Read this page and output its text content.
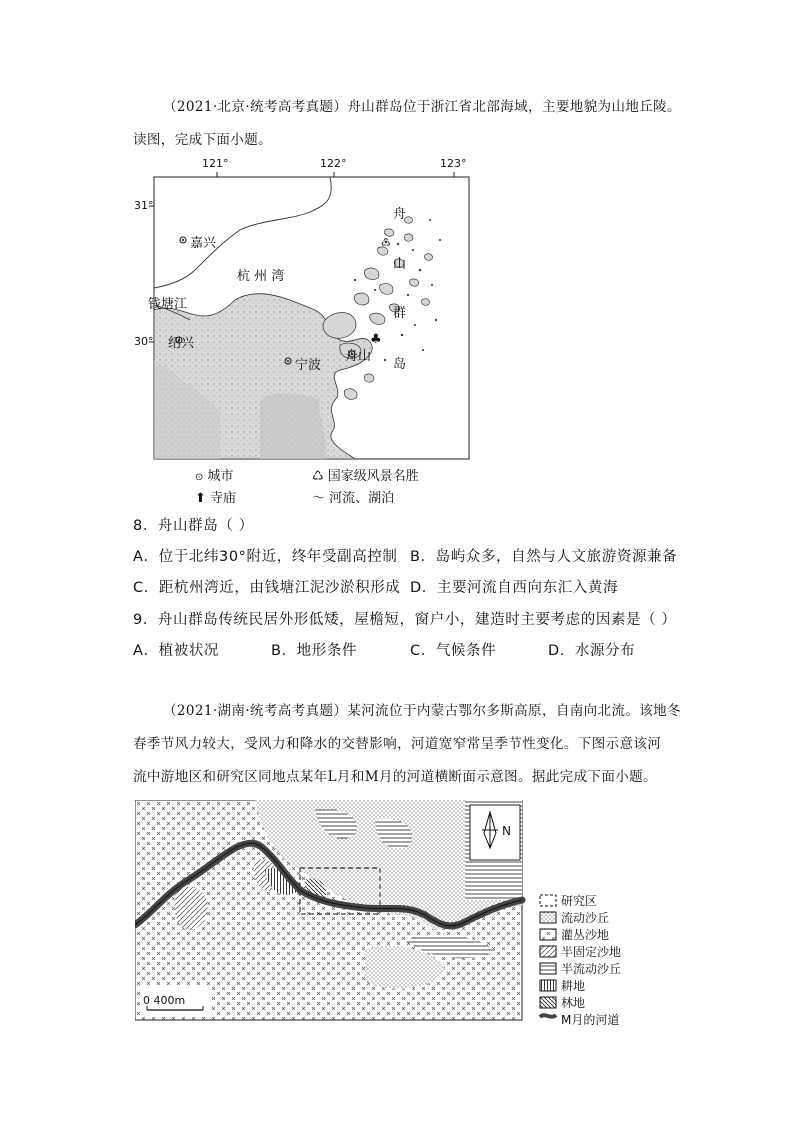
（2021·北京·统考高考真题）舟山群岛位于浙江省北部海域，主要地貌为山地丘陵。
读图，完成下面小题。
♺
♣
121°	122°	123°
31°
30°
嘉兴
杭 州 湾
钱塘江
绍兴
宁波
舟山
舟
山
群
岛
⊙ 城市	♺ 国家级风景名胜
⬆ 寺庙	〜 河流、湖泊
8．舟山群岛（ ）
A．位于北纬30°附近，终年受副高控制 B．岛屿众多，自然与人文旅游资源兼备
C．距杭州湾近，由钱塘江泥沙淤积形成 D．主要河流自西向东汇入黄海
9．舟山群岛传统民居外形低矮，屋檐短，窗户小，建造时主要考虑的因素是（ ）
A．植被状况	B．地形条件	C．气候条件	D．水源分布
（2021·湖南·统考高考真题）某河流位于内蒙古鄂尔多斯高原，自南向北流。该地冬
春季节风力较大，受风力和降水的交替影响，河道宽窄常呈季节性变化。下图示意该河
流中游地区和研究区同地点某年L月和M月的河道横断面示意图。据此完成下面小题。
N
0 400m
研究区
流动沙丘
灌丛沙地
半固定沙地
半流动沙丘
耕地
林地
M月的河道
